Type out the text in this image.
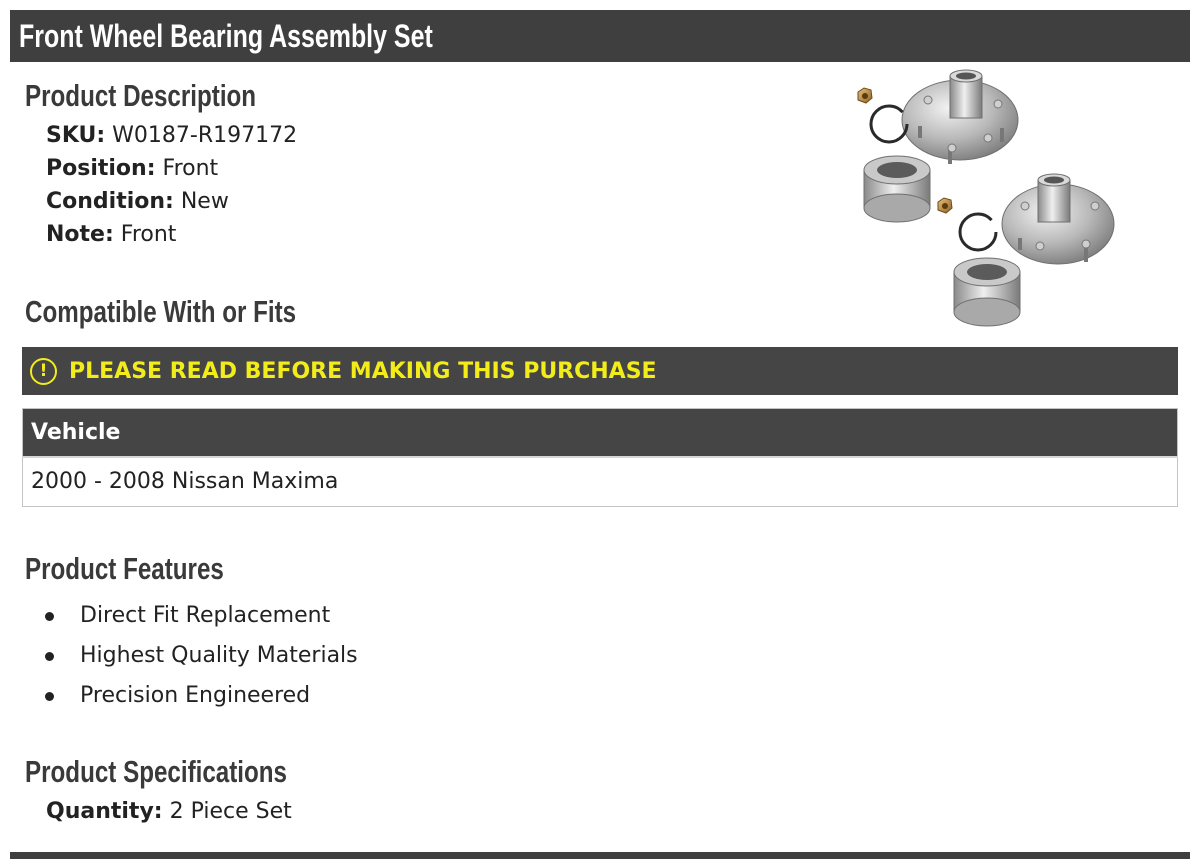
Front Wheel Bearing Assembly Set
Product Description
SKU: W0187-R197172
Position: Front
Condition: New
Note: Front
Compatible With or Fits
! PLEASE READ BEFORE MAKING THIS PURCHASE
Vehicle
2000 - 2008 Nissan Maxima
Product Features
Direct Fit Replacement
Highest Quality Materials
Precision Engineered
Product Specifications
Quantity: 2 Piece Set
